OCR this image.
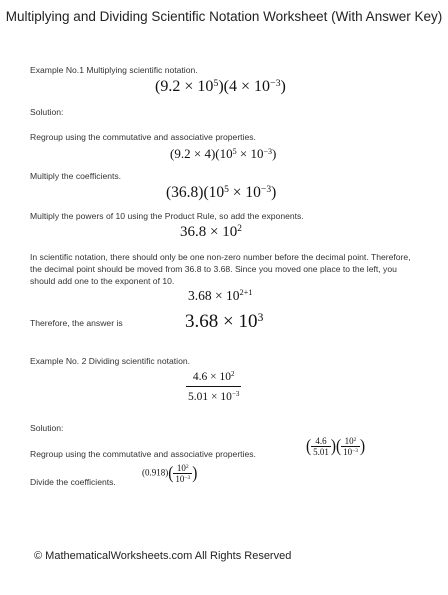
Multiplying and Dividing Scientific Notation Worksheet (With Answer Key)
Example No.1 Multiplying scientific notation.
$(9.2 \times 10^5)(4 \times 10^{-3})$
Solution:
Regroup using the commutative and associative properties.
$(9.2 \times 4)(10^5 \times 10^{-3})$
Multiply the coefficients.
$(36.8)(10^5 \times 10^{-3})$
Multiply the powers of 10 using the Product Rule, so add the exponents.
$36.8 \times 10^2$
In scientific notation, there should only be one non-zero number before the decimal point. Therefore, the decimal point should be moved from 36.8 to 3.68. Since you moved one place to the left, you should add one to the exponent of 10.
$3.68 \times 10^{2+1}$
Therefore, the answer is	$3.68 \times 10^3$
Example No. 2 Dividing scientific notation.
$\frac{4.6 \times 10^2}{5.01 \times 10^{-3}}$
Solution:
Regroup using the commutative and associative properties.	( $\frac{4.6}{5.01}$ )( $\frac{10^2}{10^{-3}}$ )
Divide the coefficients.
$(0.918)( \frac{10^2}{10^{-3}}$ )
© MathematicalWorksheets.com All Rights Reserved
